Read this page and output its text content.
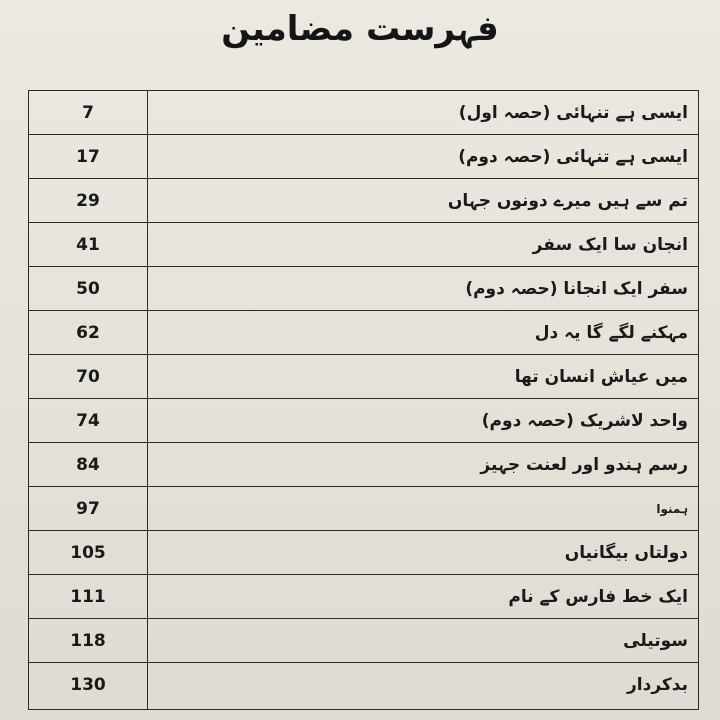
فہرست مضامین
7	ایسی ہے تنہائی (حصہ اول)
17	ایسی ہے تنہائی (حصہ دوم)
29	تم سے ہیں میرے دونوں جہاں
41	انجان سا ایک سفر
50	سفر ایک انجانا (حصہ دوم)
62	مہکنے لگے گا یہ دل
70	میں عیاش انسان تھا
74	واحد لاشریک (حصہ دوم)
84	رسم ہندو اور لعنت جہیز
97	ہمنوا
105	دولتاں بیگانیاں
111	ایک خط فارس کے نام
118	سوتیلی
130	بدکردار
